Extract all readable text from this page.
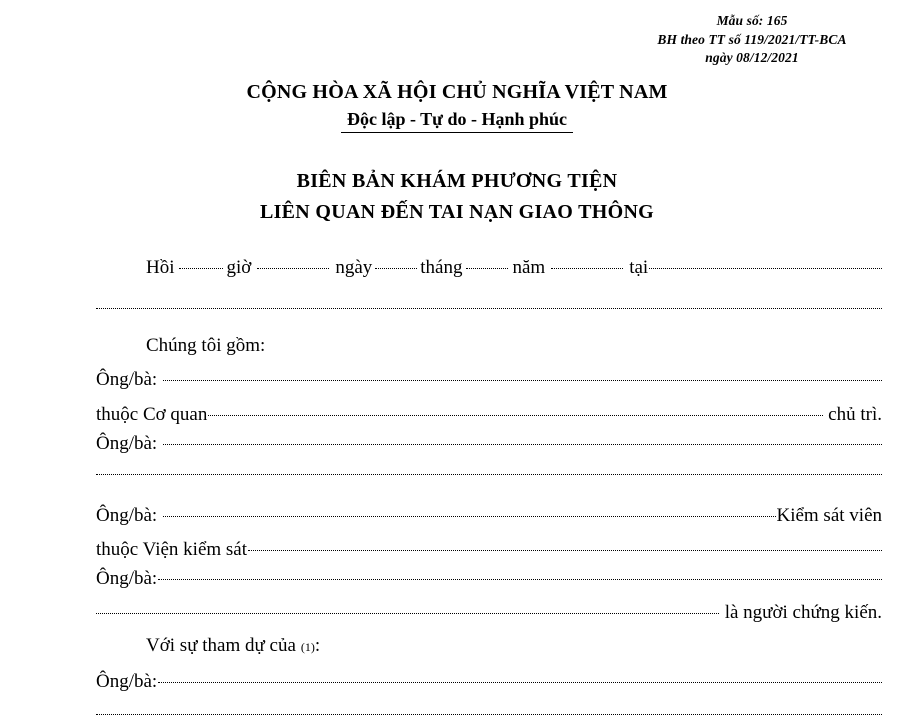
Mẫu số: 165
BH theo TT số 119/2021/TT-BCA
ngày 08/12/2021
CỘNG HÒA XÃ HỘI CHỦ NGHĨA VIỆT NAM
Độc lập - Tự do - Hạnh phúc
BIÊN BẢN KHÁM PHƯƠNG TIỆN
LIÊN QUAN ĐẾN TAI NẠN GIAO THÔNG
Hồi	giờ	ngày	tháng	năm	tại
Chúng tôi gồm:
Ông/bà:
thuộc Cơ quan	chủ trì.
Ông/bà:
Ông/bà:	Kiểm sát viên
thuộc Viện kiểm sát
Ông/bà:
là người chứng kiến.
Với sự tham dự của (1) :
Ông/bà:
